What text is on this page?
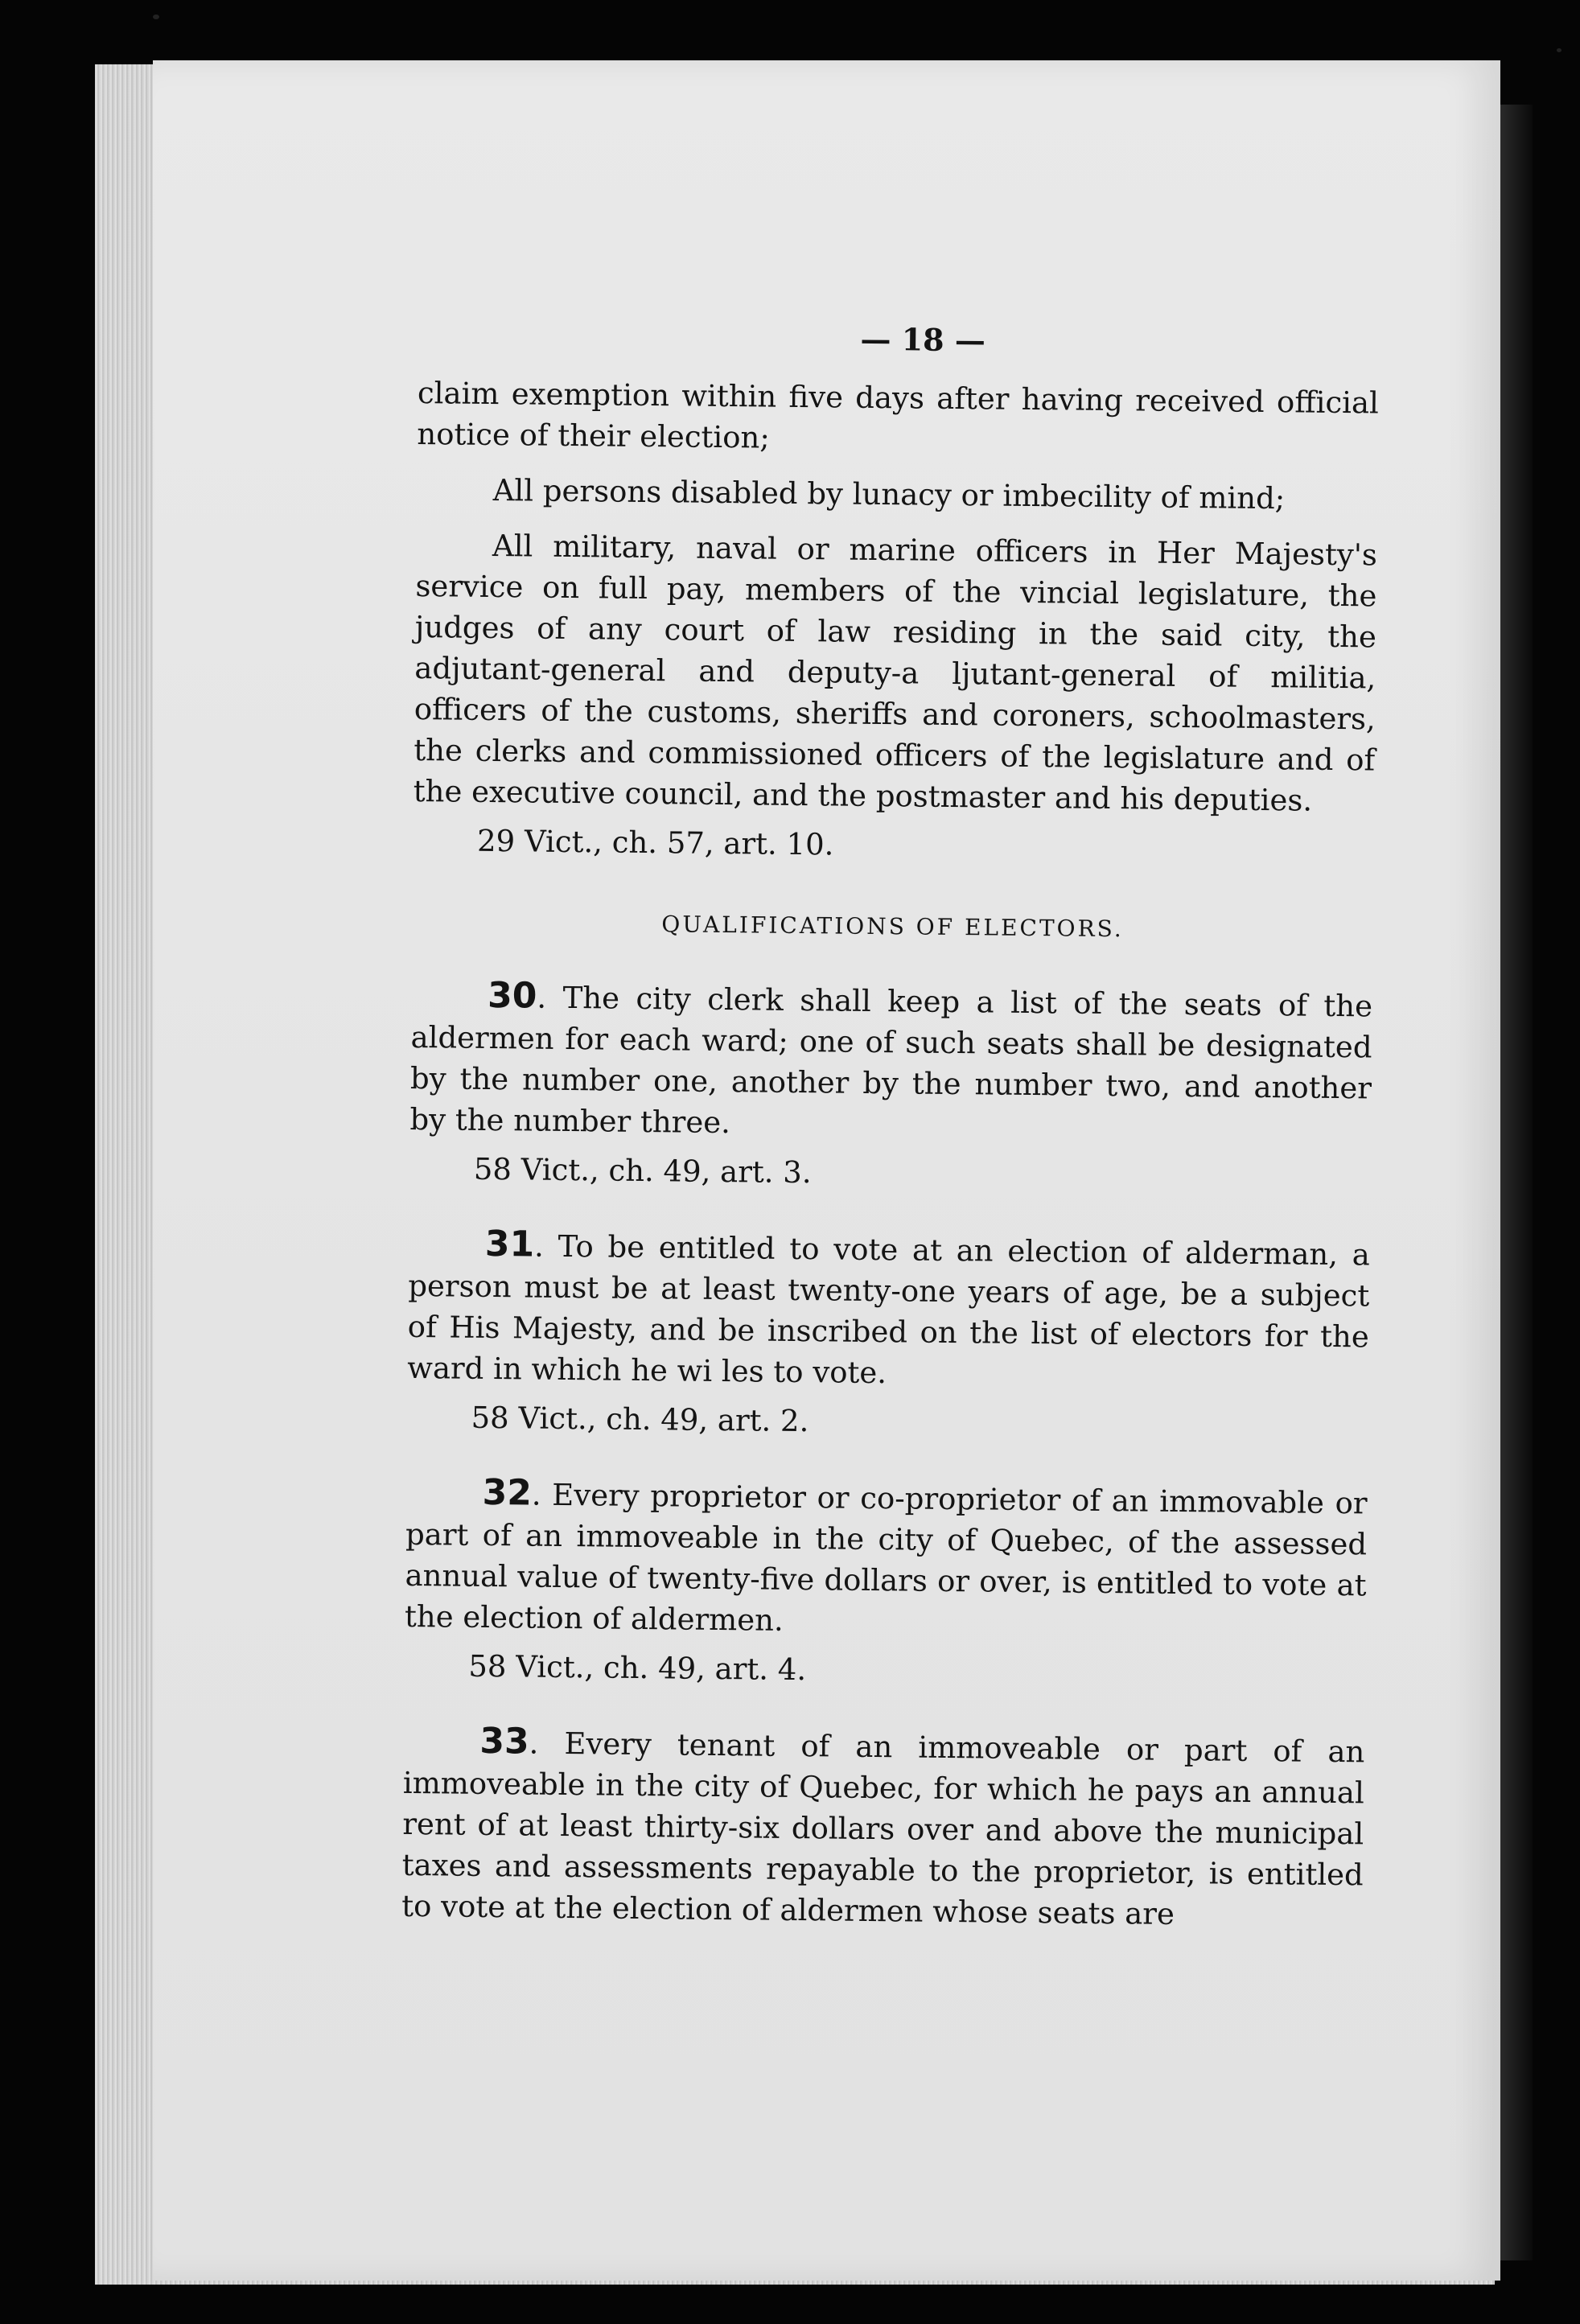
— 18 —

claim exemption within five days after having received official notice of their election;

All persons disabled by lunacy or imbecility of mind;

All military, naval or marine officers in Her Majesty's service on full pay, members of the vincial legislature, the judges of any court of law residing in the said city, the adjutant-general and deputy-a ljutant-general of militia, officers of the customs, sheriffs and coroners, schoolmasters, the clerks and commissioned officers of the legislature and of the executive council, and the postmaster and his deputies.

29 Vict., ch. 57, art. 10.

QUALIFICATIONS OF ELECTORS.

30. The city clerk shall keep a list of the seats of the aldermen for each ward; one of such seats shall be designated by the number one, another by the number two, and another by the number three.

58 Vict., ch. 49, art. 3.

31. To be entitled to vote at an election of alderman, a person must be at least twenty-one years of age, be a subject of His Majesty, and be inscribed on the list of electors for the ward in which he wi les to vote.

58 Vict., ch. 49, art. 2.

32. Every proprietor or co-proprietor of an immovable or part of an immoveable in the city of Quebec, of the assessed annual value of twenty-five dollars or over, is entitled to vote at the election of aldermen.

58 Vict., ch. 49, art. 4.

33. Every tenant of an immoveable or part of an immoveable in the city of Quebec, for which he pays an annual rent of at least thirty-six dollars over and above the municipal taxes and assessments repayable to the proprietor, is entitled to vote at the election of aldermen whose seats are
